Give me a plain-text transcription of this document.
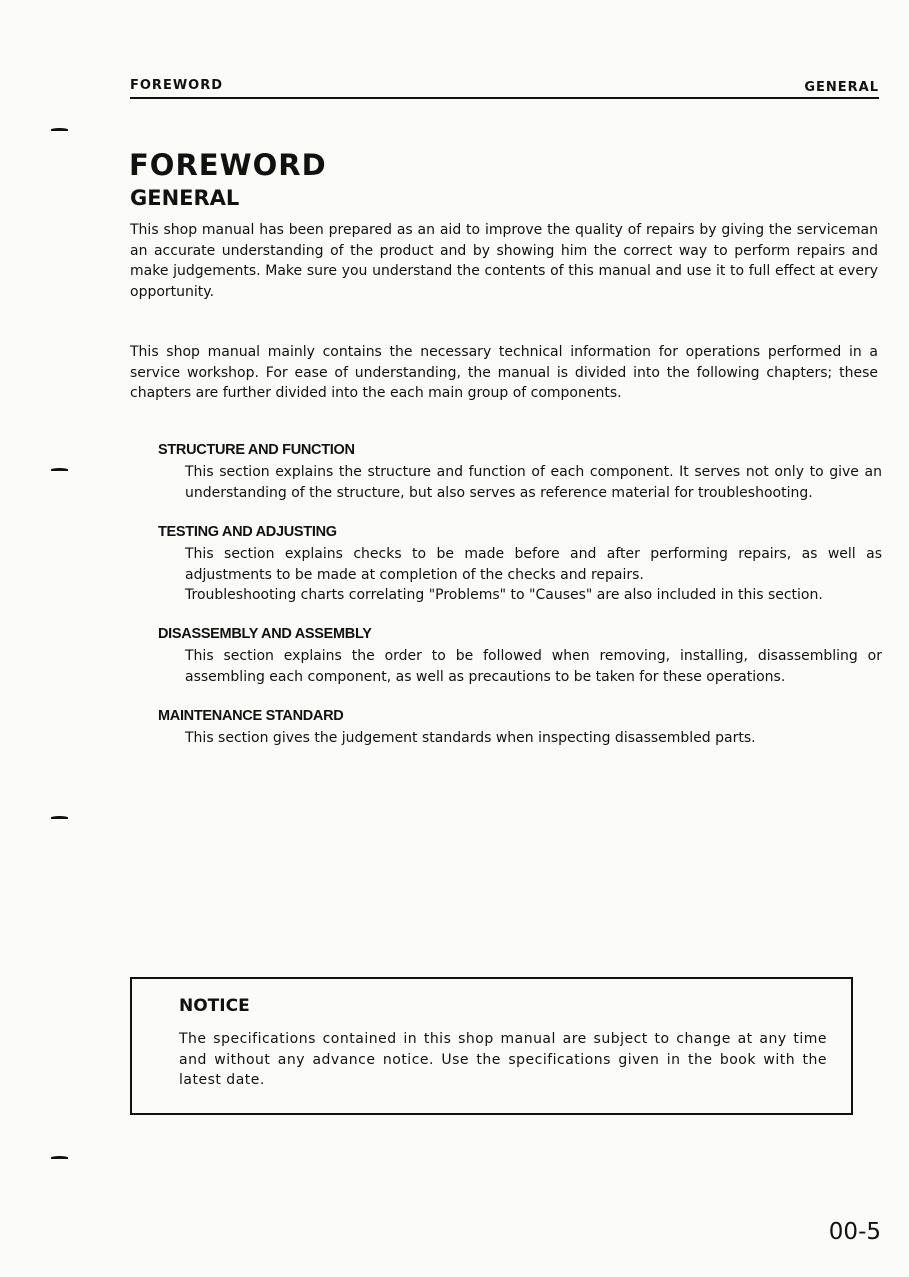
FOREWORD	GENERAL
FOREWORD
GENERAL

This shop manual has been prepared as an aid to improve the quality of repairs by giving the serviceman an accurate understanding of the product and by showing him the correct way to perform repairs and make judgements. Make sure you understand the contents of this manual and use it to full effect at every opportunity.

This shop manual mainly contains the necessary technical information for operations performed in a service workshop. For ease of understanding, the manual is divided into the following chapters; these chapters are further divided into the each main group of components.

STRUCTURE AND FUNCTION

This section explains the structure and function of each component. It serves not only to give an understanding of the structure, but also serves as reference material for troubleshooting.

TESTING AND ADJUSTING

This section explains checks to be made before and after performing repairs, as well as adjustments to be made at completion of the checks and repairs.

Troubleshooting charts correlating "Problems" to "Causes" are also included in this section.

DISASSEMBLY AND ASSEMBLY

This section explains the order to be followed when removing, installing, disassembling or assembling each component, as well as precautions to be taken for these operations.

MAINTENANCE STANDARD

This section gives the judgement standards when inspecting disassembled parts.

NOTICE

The specifications contained in this shop manual are subject to change at any time and without any advance notice. Use the specifications given in the book with the latest date.

00-5
